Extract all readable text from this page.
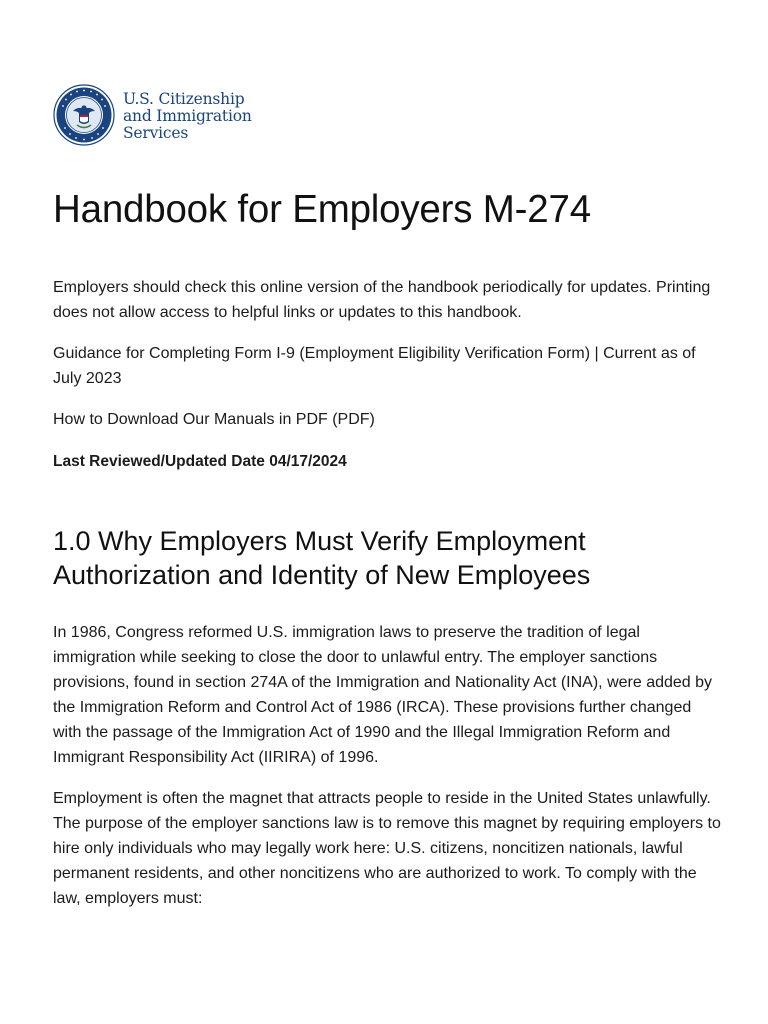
U.S. Citizenship
and Immigration
Services
Handbook for Employers M-274

Employers should check this online version of the handbook periodically for updates. Printing does not allow access to helpful links or updates to this handbook.

Guidance for Completing Form I-9 (Employment Eligibility Verification Form) | Current as of July 2023

How to Download Our Manuals in PDF (PDF)

Last Reviewed/Updated Date 04/17/2024

1.0 Why Employers Must Verify Employment Authorization and Identity of New Employees

In 1986, Congress reformed U.S. immigration laws to preserve the tradition of legal immigration while seeking to close the door to unlawful entry. The employer sanctions provisions, found in section 274A of the Immigration and Nationality Act (INA), were added by the Immigration Reform and Control Act of 1986 (IRCA). These provisions further changed with the passage of the Immigration Act of 1990 and the Illegal Immigration Reform and Immigrant Responsibility Act (IIRIRA) of 1996.

Employment is often the magnet that attracts people to reside in the United States unlawfully. The purpose of the employer sanctions law is to remove this magnet by requiring employers to hire only individuals who may legally work here: U.S. citizens, noncitizen nationals, lawful permanent residents, and other noncitizens who are authorized to work. To comply with the law, employers must:
